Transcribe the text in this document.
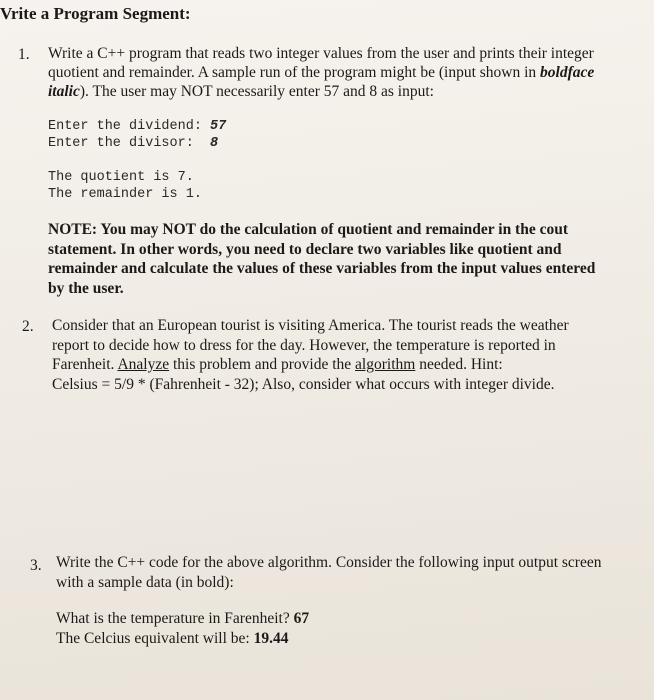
Vrite a Program Segment:
1. Write a C++ program that reads two integer values from the user and prints their integer
quotient and remainder. A sample run of the program might be (input shown in boldface
italic). The user may NOT necessarily enter 57 and 8 as input:
Enter the dividend: 57
Enter the divisor:  8
The quotient is 7.
The remainder is 1.
NOTE: You may NOT do the calculation of quotient and remainder in the cout
statement. In other words, you need to declare two variables like quotient and
remainder and calculate the values of these variables from the input values entered
by the user.
2. Consider that an European tourist is visiting America. The tourist reads the weather
report to decide how to dress for the day. However, the temperature is reported in
Farenheit. Analyze this problem and provide the algorithm needed. Hint:
Celsius = 5/9 * (Fahrenheit - 32); Also, consider what occurs with integer divide.
3. Write the C++ code for the above algorithm. Consider the following input output screen
with a sample data (in bold):
What is the temperature in Farenheit? 67
The Celcius equivalent will be: 19.44
